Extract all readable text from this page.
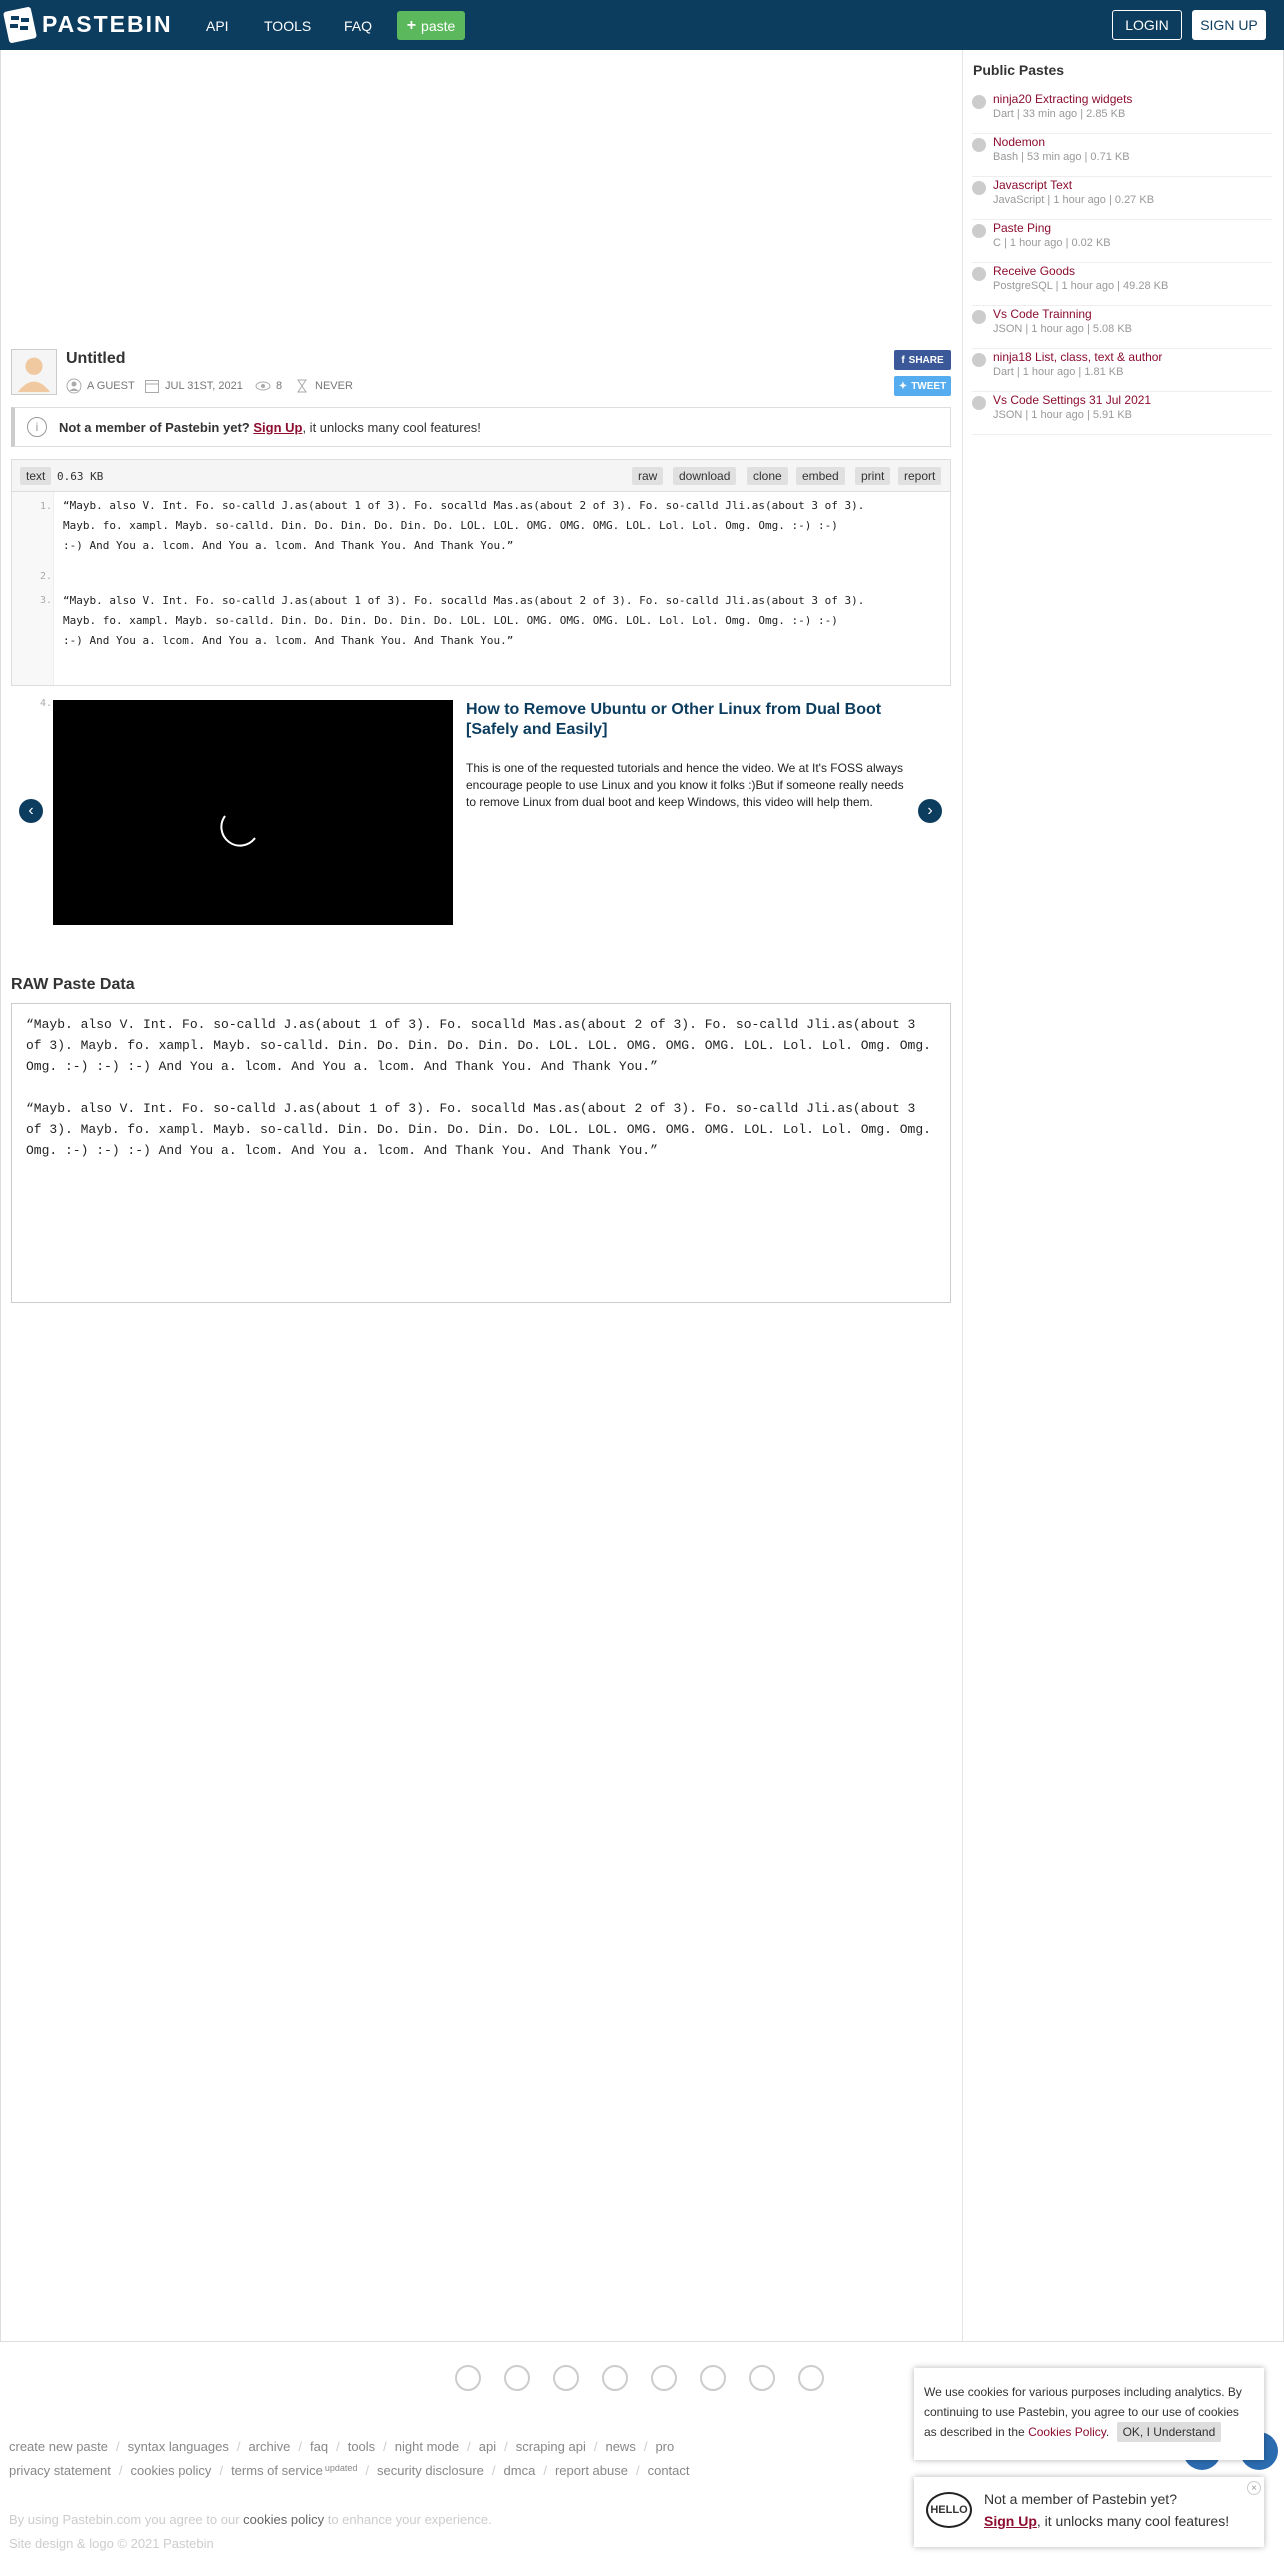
PASTEBIN API	TOOLS FAQ + paste	LOGIN	SIGN UP
Untitled
A GUEST	JUL 31ST, 2021	8	NEVER
f SHARE
✦ TWEET
i	Not a member of Pastebin yet?
Sign Up , it unlocks many cool features!
text	0.63 KB	raw	download	clone	embed	print	report
1.
2.
3.
4.
“Mayb. also V. Int. Fo. so-calld J.as(about 1 of 3). Fo. socalld Mas.as(about 2 of 3). Fo. so-calld Jli.as(about 3 of 3).
Mayb. fo. xampl. Mayb. so-calld. Din. Do. Din. Do. Din. Do. LOL. LOL. OMG. OMG. OMG. LOL. Lol. Lol. Omg. Omg. :-) :-)
:-) And You a. lcom. And You a. lcom. And Thank You. And Thank You.”
“Mayb. also V. Int. Fo. so-calld J.as(about 1 of 3). Fo. socalld Mas.as(about 2 of 3). Fo. so-calld Jli.as(about 3 of 3).
Mayb. fo. xampl. Mayb. so-calld. Din. Do. Din. Do. Din. Do. LOL. LOL. OMG. OMG. OMG. LOL. Lol. Lol. Omg. Omg. :-) :-)
:-) And You a. lcom. And You a. lcom. And Thank You. And Thank You.”
‹
How to Remove Ubuntu or Other Linux from Dual Boot [Safely and Easily]
This is one of the requested tutorials and hence the video. We at It's FOSS always encourage people to use Linux and you know it folks :)But if someone really needs to remove Linux from dual boot and keep Windows, this video will help them.	›
RAW Paste Data

“Mayb. also V. Int. Fo. so-calld J.as(about 1 of 3). Fo. socalld Mas.as(about 2 of 3). Fo. so-calld Jli.as(about 3 of 3). Mayb. fo. xampl. Mayb. so-calld. Din. Do. Din. Do. Din. Do. LOL. LOL. OMG. OMG. OMG. LOL. Lol. Lol. Omg. Omg. Omg. :-) :-) :-) And You a. lcom. And You a. lcom. And Thank You. And Thank You.”

“Mayb. also V. Int. Fo. so-calld J.as(about 1 of 3). Fo. socalld Mas.as(about 2 of 3). Fo. so-calld Jli.as(about 3 of 3). Mayb. fo. xampl. Mayb. so-calld. Din. Do. Din. Do. Din. Do. LOL. LOL. OMG. OMG. OMG. LOL. Lol. Lol. Omg. Omg. Omg. :-) :-) :-) And You a. lcom. And You a. lcom. And Thank You. And Thank You.”

Public Pastes
ninja20 Extracting widgets
Dart | 33 min ago | 2.85 KB
Nodemon
Bash | 53 min ago | 0.71 KB
Javascript Text
JavaScript | 1 hour ago | 0.27 KB
Paste Ping
C | 1 hour ago | 0.02 KB
Receive Goods
PostgreSQL | 1 hour ago | 49.28 KB
Vs Code Trainning
JSON | 1 hour ago | 5.08 KB
ninja18 List, class, text & author
Dart | 1 hour ago | 1.81 KB
Vs Code Settings 31 Jul 2021
JSON | 1 hour ago | 5.91 KB
create new paste / syntax languages / archive / faq / tools / night mode / api / scraping api / news / pro
privacy statement / cookies policy / terms of service updated / security disclosure / dmca / report abuse / contact
By using Pastebin.com you agree to our cookies policy to enhance your experience.
Site design & logo © 2021 Pastebin
We use cookies for various purposes including analytics. By continuing to use Pastebin, you agree to our use of cookies as described in the Cookies Policy. OK, I Understand
HELLO
Not a member of Pastebin yet?
Sign Up, it unlocks many cool features!
×
